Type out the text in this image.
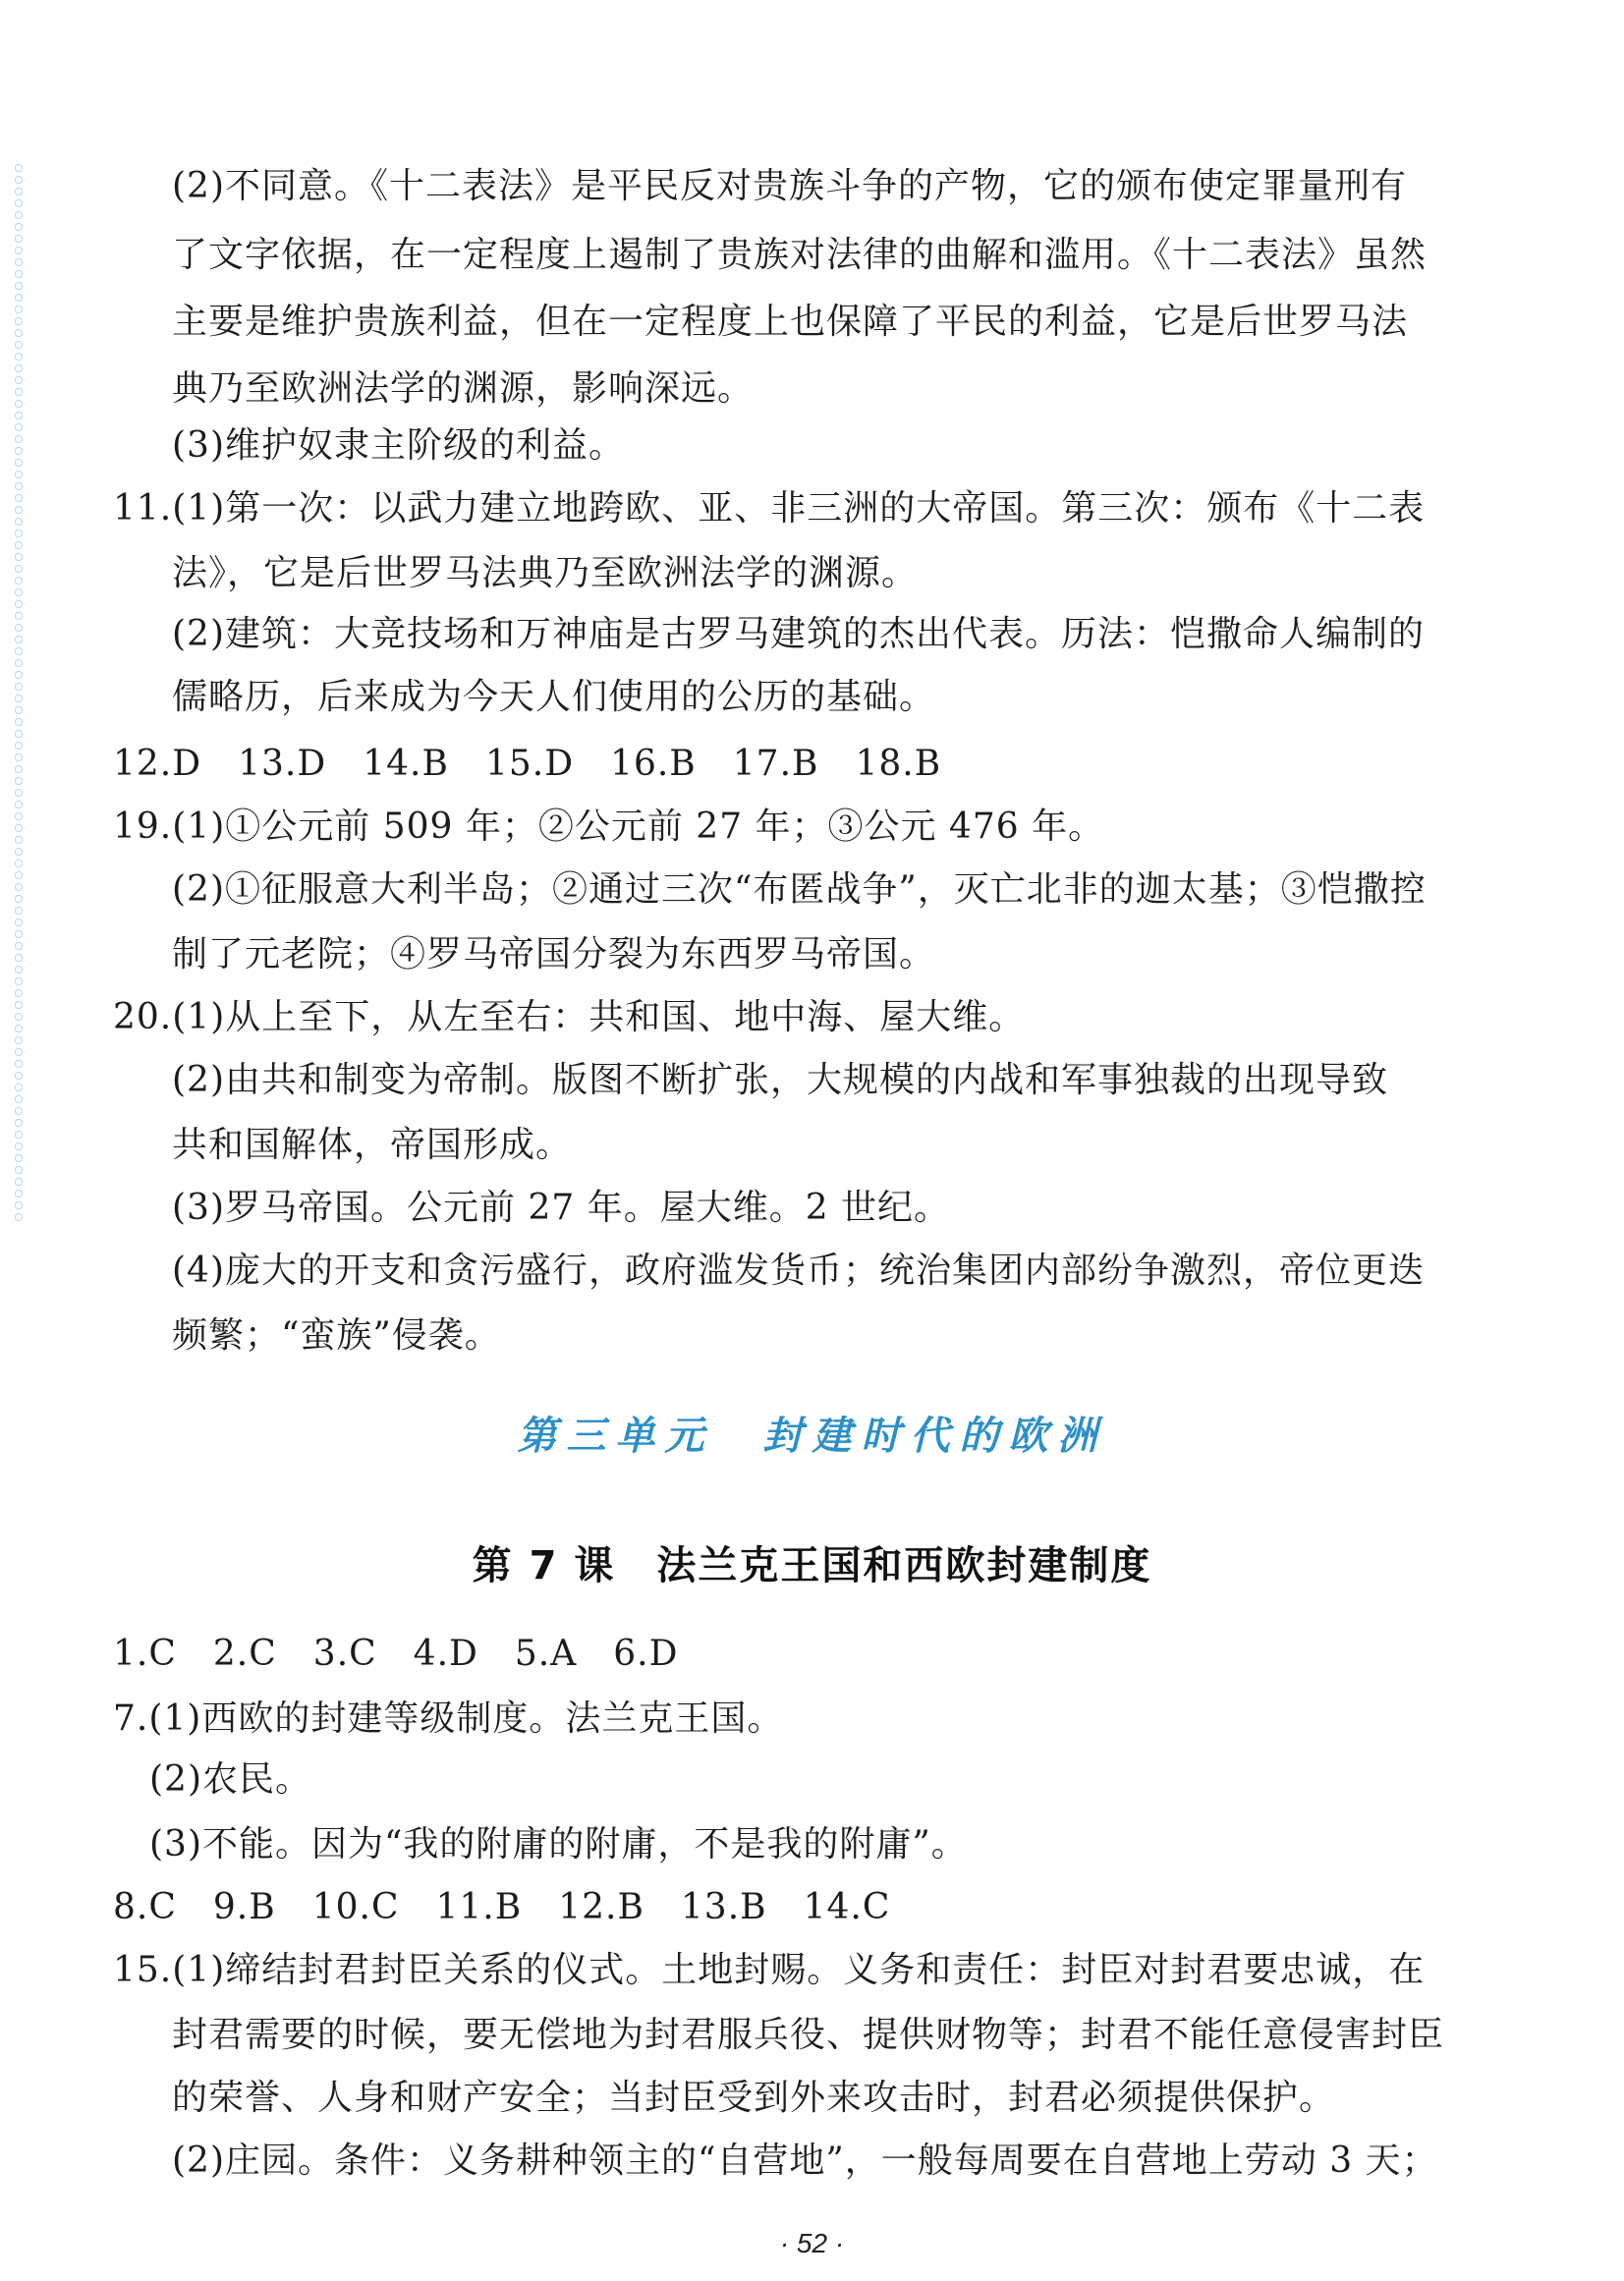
(2)不同意。《十二表法》是平民反对贵族斗争的产物，它的颁布使定罪量刑有
了文字依据，在一定程度上遏制了贵族对法律的曲解和滥用。《十二表法》虽然
主要是维护贵族利益，但在一定程度上也保障了平民的利益，它是后世罗马法
典乃至欧洲法学的渊源，影响深远。
(3)维护奴隶主阶级的利益。
11.(1)第一次：以武力建立地跨欧、亚、非三洲的大帝国。第三次：颁布《十二表
法》，它是后世罗马法典乃至欧洲法学的渊源。
(2)建筑：大竞技场和万神庙是古罗马建筑的杰出代表。历法：恺撒命人编制的
儒略历，后来成为今天人们使用的公历的基础。
12.D　13.D　14.B　15.D　16.B　17.B　18.B
19.(1)①公元前 509 年；②公元前 27 年；③公元 476 年。
(2)①征服意大利半岛；②通过三次“布匿战争”，灭亡北非的迦太基；③恺撒控
制了元老院；④罗马帝国分裂为东西罗马帝国。
20.(1)从上至下，从左至右：共和国、地中海、屋大维。
(2)由共和制变为帝制。版图不断扩张，大规模的内战和军事独裁的出现导致
共和国解体，帝国形成。
(3)罗马帝国。公元前 27 年。屋大维。2 世纪。
(4)庞大的开支和贪污盛行，政府滥发货币；统治集团内部纷争激烈，帝位更迭
频繁；“蛮族”侵袭。
第三单元　封建时代的欧洲
第 7 课　法兰克王国和西欧封建制度
1.C　2.C　3.C　4.D　5.A　6.D
7.(1)西欧的封建等级制度。法兰克王国。
(2)农民。
(3)不能。因为“我的附庸的附庸，不是我的附庸”。
8.C　9.B　10.C　11.B　12.B　13.B　14.C
15.(1)缔结封君封臣关系的仪式。土地封赐。义务和责任：封臣对封君要忠诚，在
封君需要的时候，要无偿地为封君服兵役、提供财物等；封君不能任意侵害封臣
的荣誉、人身和财产安全；当封臣受到外来攻击时，封君必须提供保护。
(2)庄园。条件：义务耕种领主的“自营地”，一般每周要在自营地上劳动 3 天；
· 52 ·
